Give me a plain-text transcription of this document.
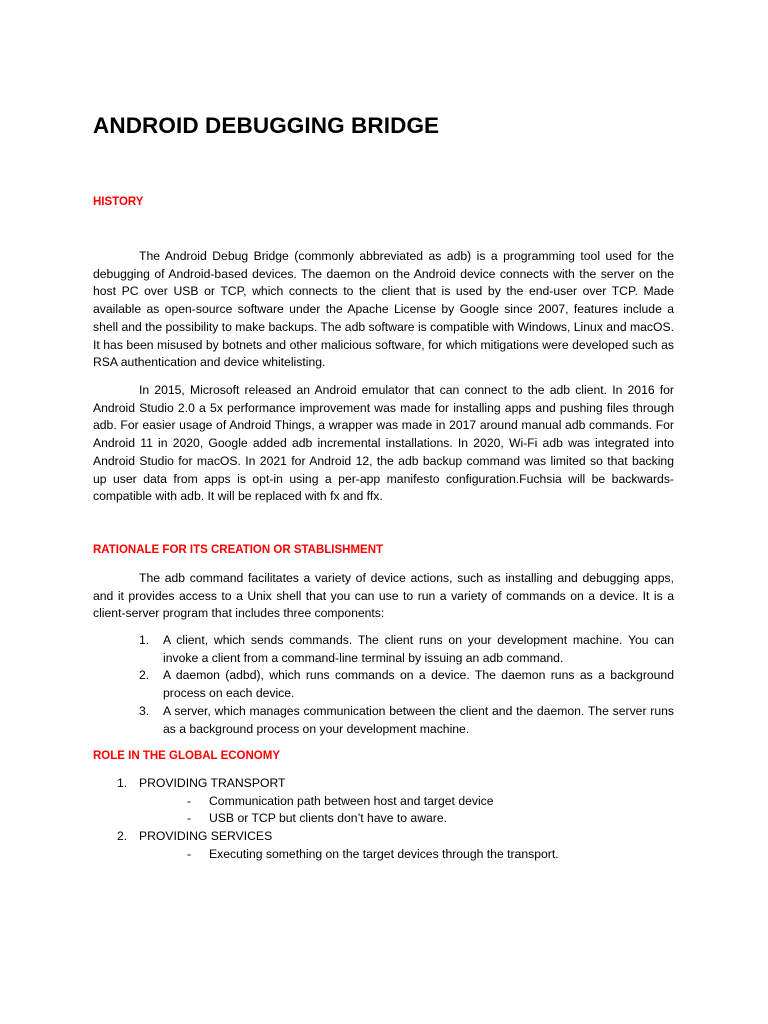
ANDROID DEBUGGING BRIDGE
HISTORY

The Android Debug Bridge (commonly abbreviated as adb) is a programming tool used for the debugging of Android-based devices. The daemon on the Android device connects with the server on the host PC over USB or TCP, which connects to the client that is used by the end-user over TCP. Made available as open-source software under the Apache License by Google since 2007, features include a shell and the possibility to make backups. The adb software is compatible with Windows, Linux and macOS. It has been misused by botnets and other malicious software, for which mitigations were developed such as RSA authentication and device whitelisting.

In 2015, Microsoft released an Android emulator that can connect to the adb client. In 2016 for Android Studio 2.0 a 5x performance improvement was made for installing apps and pushing files through adb. For easier usage of Android Things, a wrapper was made in 2017 around manual adb commands. For Android 11 in 2020, Google added adb incremental installations. In 2020, Wi-Fi adb was integrated into Android Studio for macOS. In 2021 for Android 12, the adb backup command was limited so that backing up user data from apps is opt-in using a per-app manifesto configuration.Fuchsia will be backwards-compatible with adb. It will be replaced with fx and ffx.

RATIONALE FOR ITS CREATION OR STABLISHMENT

The adb command facilitates a variety of device actions, such as installing and debugging apps, and it provides access to a Unix shell that you can use to run a variety of commands on a device. It is a client-server program that includes three components:

1. A client, which sends commands. The client runs on your development machine. You can invoke a client from a command-line terminal by issuing an adb command.
2. A daemon (adbd), which runs commands on a device. The daemon runs as a background process on each device.
3. A server, which manages communication between the client and the daemon. The server runs as a background process on your development machine.
ROLE IN THE GLOBAL ECONOMY
1. PROVIDING TRANSPORT
- Communication path between host and target device
- USB or TCP but clients don’t have to aware.
2. PROVIDING SERVICES
- Executing something on the target devices through the transport.
